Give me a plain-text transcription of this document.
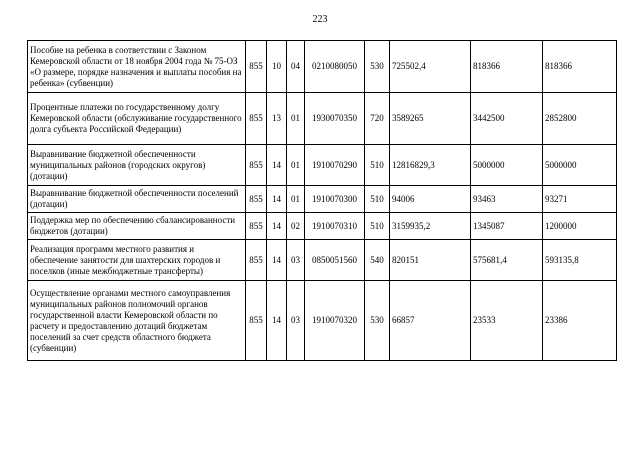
223
Пособие на ребенка в соответствии с Законом Кемеровской области от 18 ноября 2004 года № 75-ОЗ «О размере, порядке назначения и выплаты пособия на ребенка» (субвенции)	855	10	04	0210080050	530	725502,4	818366	818366
Процентные платежи по государственному долгу Кемеровской области (обслуживание государственного долга субъекта Российской Федерации)	855	13	01	1930070350	720	3589265	3442500	2852800
Выравнивание бюджетной обеспеченности муниципальных районов (городских округов) (дотации)	855	14	01	1910070290	510	12816829,3	5000000	5000000
Выравнивание бюджетной обеспеченности поселений (дотации)	855	14	01	1910070300	510	94006	93463	93271
Поддержка мер по обеспечению сбалансированности бюджетов (дотации)	855	14	02	1910070310	510	3159935,2	1345087	1200000
Реализация программ местного развития и обеспечение занятости для шахтерских городов и поселков (иные межбюджетные трансферты)	855	14	03	0850051560	540	820151	575681,4	593135,8
Осуществление органами местного самоуправления муниципальных районов полномочий органов государственной власти Кемеровской области по расчету и предоставлению дотаций бюджетам поселений за счет средств областного бюджета (субвенции)	855	14	03	1910070320	530	66857	23533	23386
